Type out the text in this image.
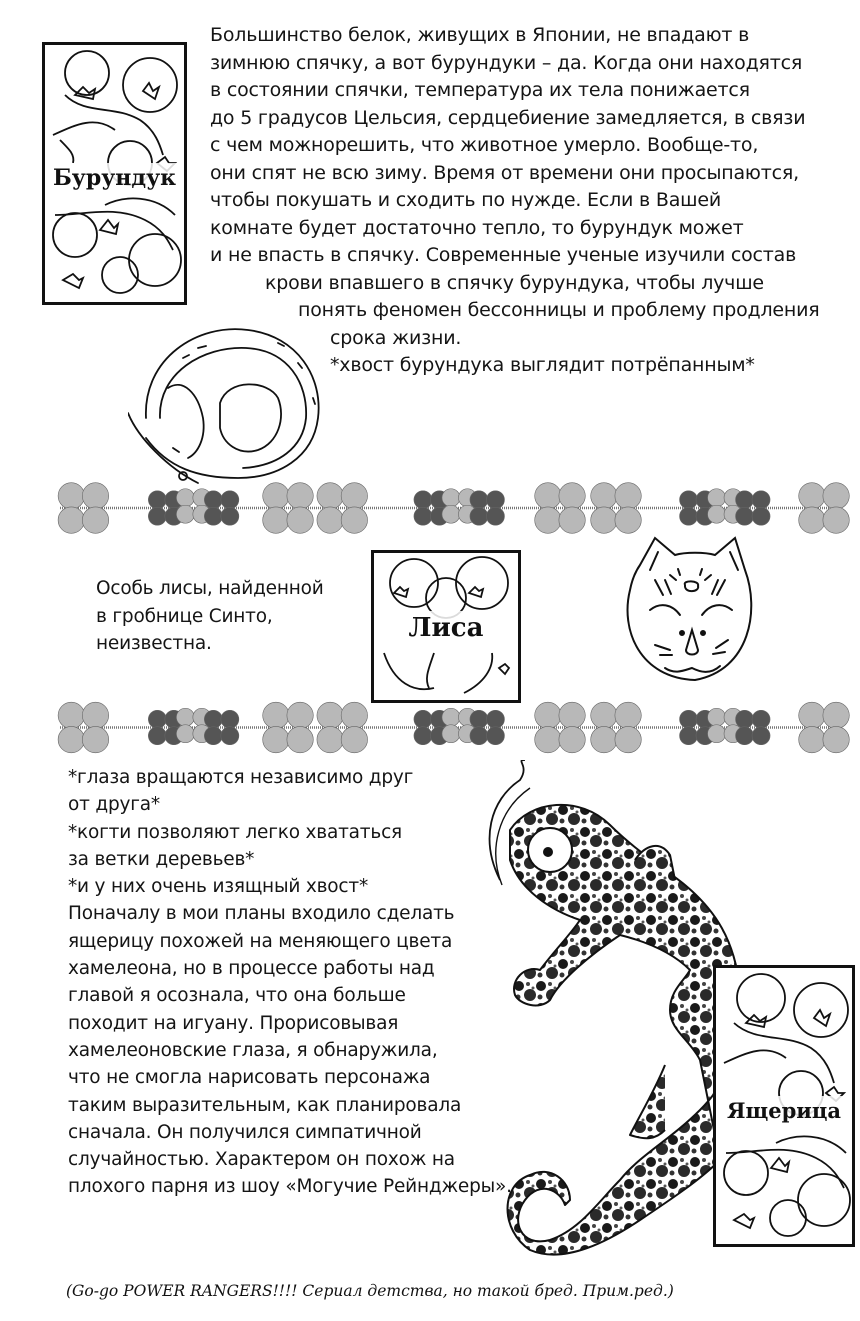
Бурундук
Большинство белок, живущих в Японии, не впадают в
зимнюю спячку, а вот бурундуки – да. Когда они находятся
в состоянии спячки, температура их тела понижается
до 5 градусов Цельсия, сердцебиение замедляется, в связи
с чем можнорешить, что животное умерло. Вообще-то,
они спят не всю зиму. Время от времени они просыпаются,
чтобы покушать и сходить по нужде. Если в Вашей
комнате будет достаточно тепло, то бурундук может
и не впасть в спячку. Современные ученые изучили состав
крови впавшего в спячку бурундука, чтобы лучше
понять феномен бессонницы и проблему продления
срока жизни.
*хвост бурундука выглядит потрёпанным*
Особь лисы, найденной
в гробнице Синто,
неизвестна.
Лиса
*глаза вращаются независимо друг
от друга*
*когти позволяют легко хвататься
за ветки деревьев*
*и у них очень изящный хвост*
Поначалу в мои планы входило сделать
ящерицу похожей на меняющего цвета
хамелеона, но в процессе работы над
главой я осознала, что она больше
походит на игуану. Прорисовывая
хамелеоновские глаза, я обнаружила,
что не смогла нарисовать персонажа
таким выразительным, как планировала
сначала. Он получился симпатичной
случайностью. Характером он похож на
плохого парня из шоу «Могучие Рейнджеры».
(Go-go POWER RANGERS!!!! Сериал детства, но такой бред. Прим.ред.)
Ящерица
